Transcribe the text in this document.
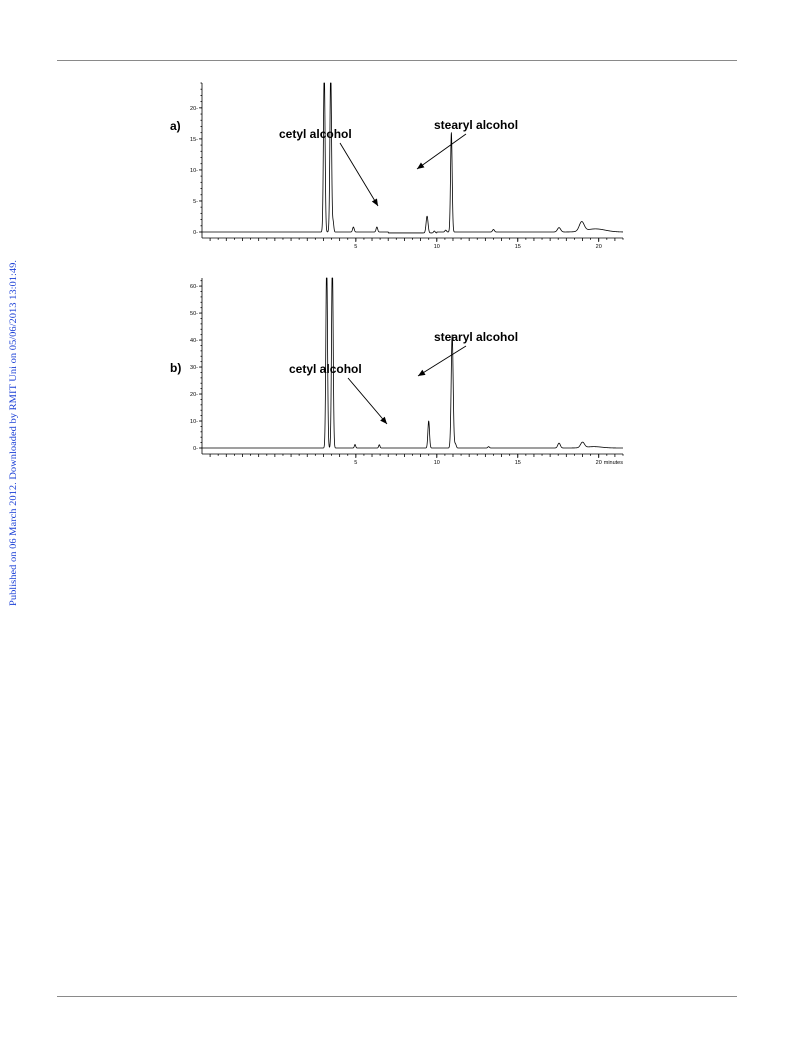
Published on 06 March 2012. Downloaded by RMIT Uni on 05/06/2013 13:01:49.
a)
0-
5-
10-
15-
20-
5	10	15	20
cetyl alcohol
stearyl alcohol
b)
0-
10-
20-
30-
40-
50-
60-
5	10	15	20 minutes
cetyl alcohol
stearyl alcohol
